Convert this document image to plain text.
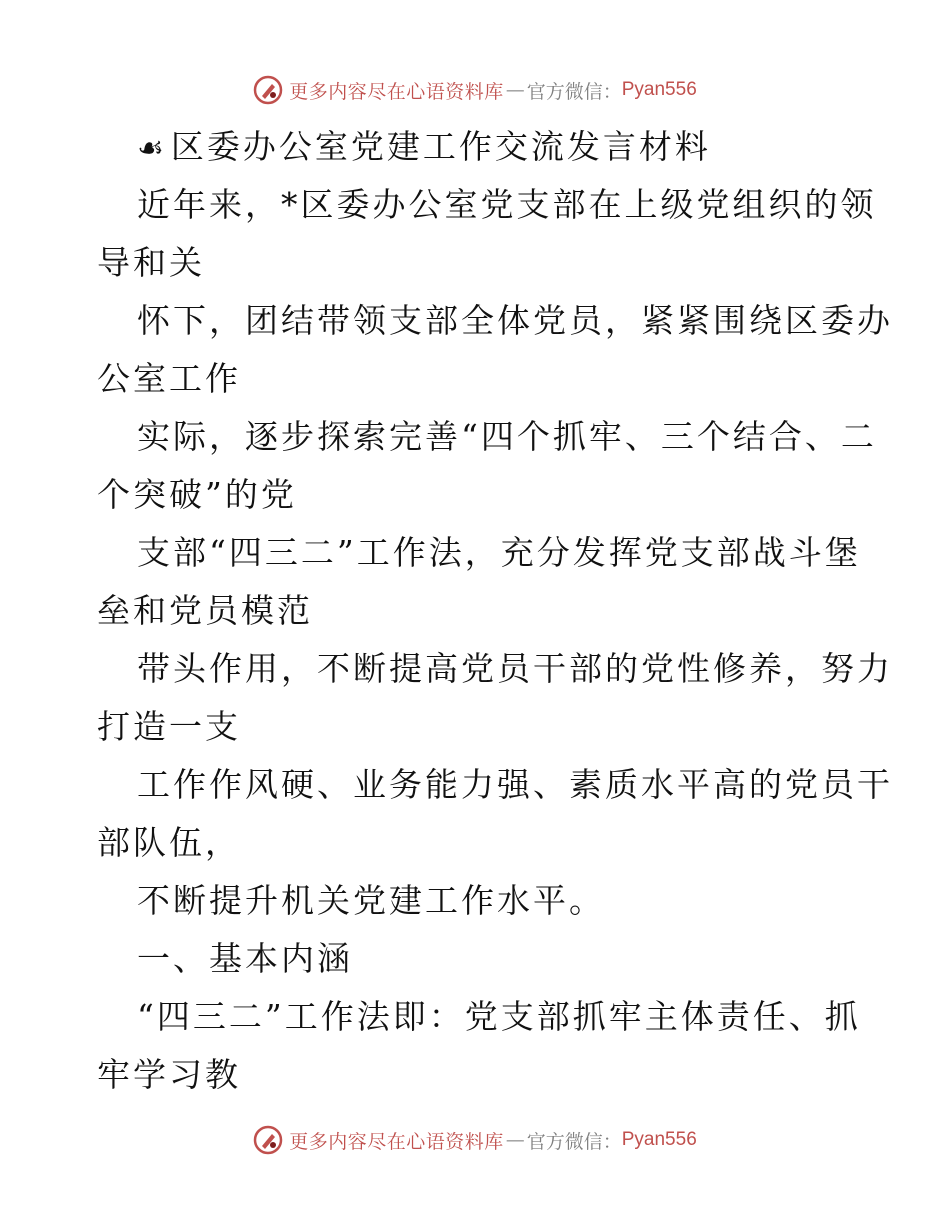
更多内容尽在心语资料库 — 官方微信： Pyan556
☙ 区委办公室党建工作交流发言材料
近年来，*区委办公室党支部在上级党组织的领
导和关
怀下，团结带领支部全体党员，紧紧围绕区委办
公室工作
实际，逐步探索完善“四个抓牢、三个结合、二
个突破”的党
支部“四三二”工作法，充分发挥党支部战斗堡
垒和党员模范
带头作用，不断提高党员干部的党性修养，努力
打造一支
工作作风硬、业务能力强、素质水平高的党员干
部队伍，
不断提升机关党建工作水平。
一、基本内涵
“四三二”工作法即：党支部抓牢主体责任、抓
牢学习教
更多内容尽在心语资料库 — 官方微信： Pyan556
